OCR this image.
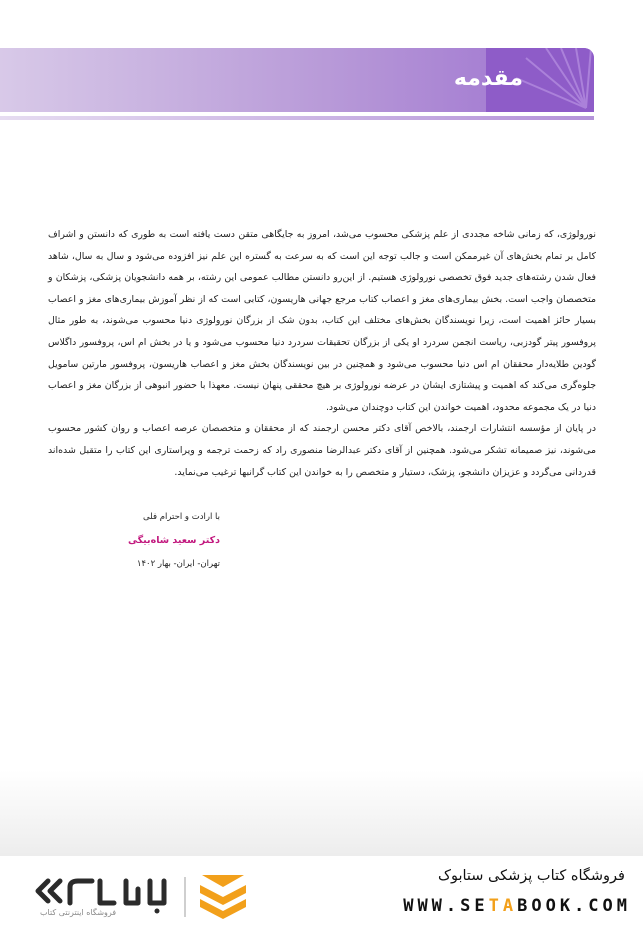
مقدمه

نورولوژی، که زمانی شاخه مجددی از علم پزشکی محسوب می‌شد، امروز به جایگاهی متقن دست یافته است به طوری که دانستن و اشراف کامل بر تمام بخش‌های آن غیرممکن است و جالب توجه این است که به سرعت به گستره این علم نیز افزوده می‌شود و سال به سال، شاهد فعال شدن رشته‌های جدید فوق تخصصی نورولوژی هستیم. از این‌رو دانستن مطالب عمومی این رشته، بر همه دانشجویان پزشکی، پزشکان و متخصصان واجب است. بخش بیماری‌های مغز و اعصاب کتاب مرجع جهانی هاریسون، کتابی است که از نظر آموزش بیماری‌های مغز و اعصاب بسیار حائز اهمیت است، زیرا نویسندگان بخش‌های مختلف این کتاب، بدون شک از بزرگان نورولوژی دنیا محسوب می‌شوند، به طور مثال پروفسور پیتر گودزبی، ریاست انجمن سردرد او یکی از بزرگان تحقیقات سردرد دنیا محسوب می‌شود و یا در بخش ام اس، پروفسور داگلاس گودین طلایه‌دار محققان ام اس دنیا محسوب می‌شود و همچنین در بین نویسندگان بخش مغز و اعصاب هاریسون، پروفسور مارتین سامویل جلوه‌گری می‌کند که اهمیت و پیشتازی ایشان در عرضه نورولوژی بر هیچ محققی پنهان نیست. معهذا با حضور انبوهی از بزرگان مغز و اعصاب دنیا در یک مجموعه محدود، اهمیت خواندن این کتاب دوچندان می‌شود.

در پایان از مؤسسه انتشارات ارجمند، بالاخص آقای دکتر محسن ارجمند که از محققان و متخصصان عرصه اعصاب و روان کشور محسوب می‌شوند، نیز صمیمانه تشکر می‌شود. همچنین از آقای دکتر عبدالرضا منصوری راد که زحمت ترجمه و ویراستاری این کتاب را متقبل شده‌اند قدردانی می‌گردد و عزیزان دانشجو، پزشک، دستیار و متخصص را به خواندن این کتاب گرانبها ترغیب می‌نماید.

با ارادت و احترام فلی
دکتر سعید شاه‌بیگی
تهران- ایران- بهار ۱۴۰۲
فروشگاه کتاب پزشکی ستابوک
WWW.SETABOOK.COM
فروشگاه اینترنتی کتاب
